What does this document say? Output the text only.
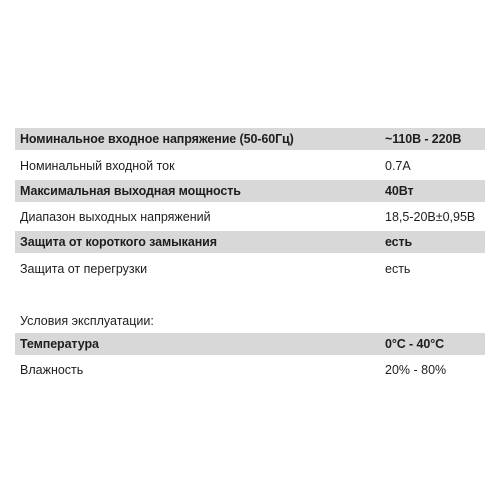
Номинальное входное напряжение (50-60Гц)	~110В - 220В
Номинальный входной ток	0.7А
Максимальная выходная мощность	40Вт
Диапазон выходных напряжений	18,5-20В±0,95В
Защита от короткого замыкания	есть
Защита от перегрузки	есть
Условия эксплуатации:
Температура	0°С - 40°С
Влажность	20% - 80%
